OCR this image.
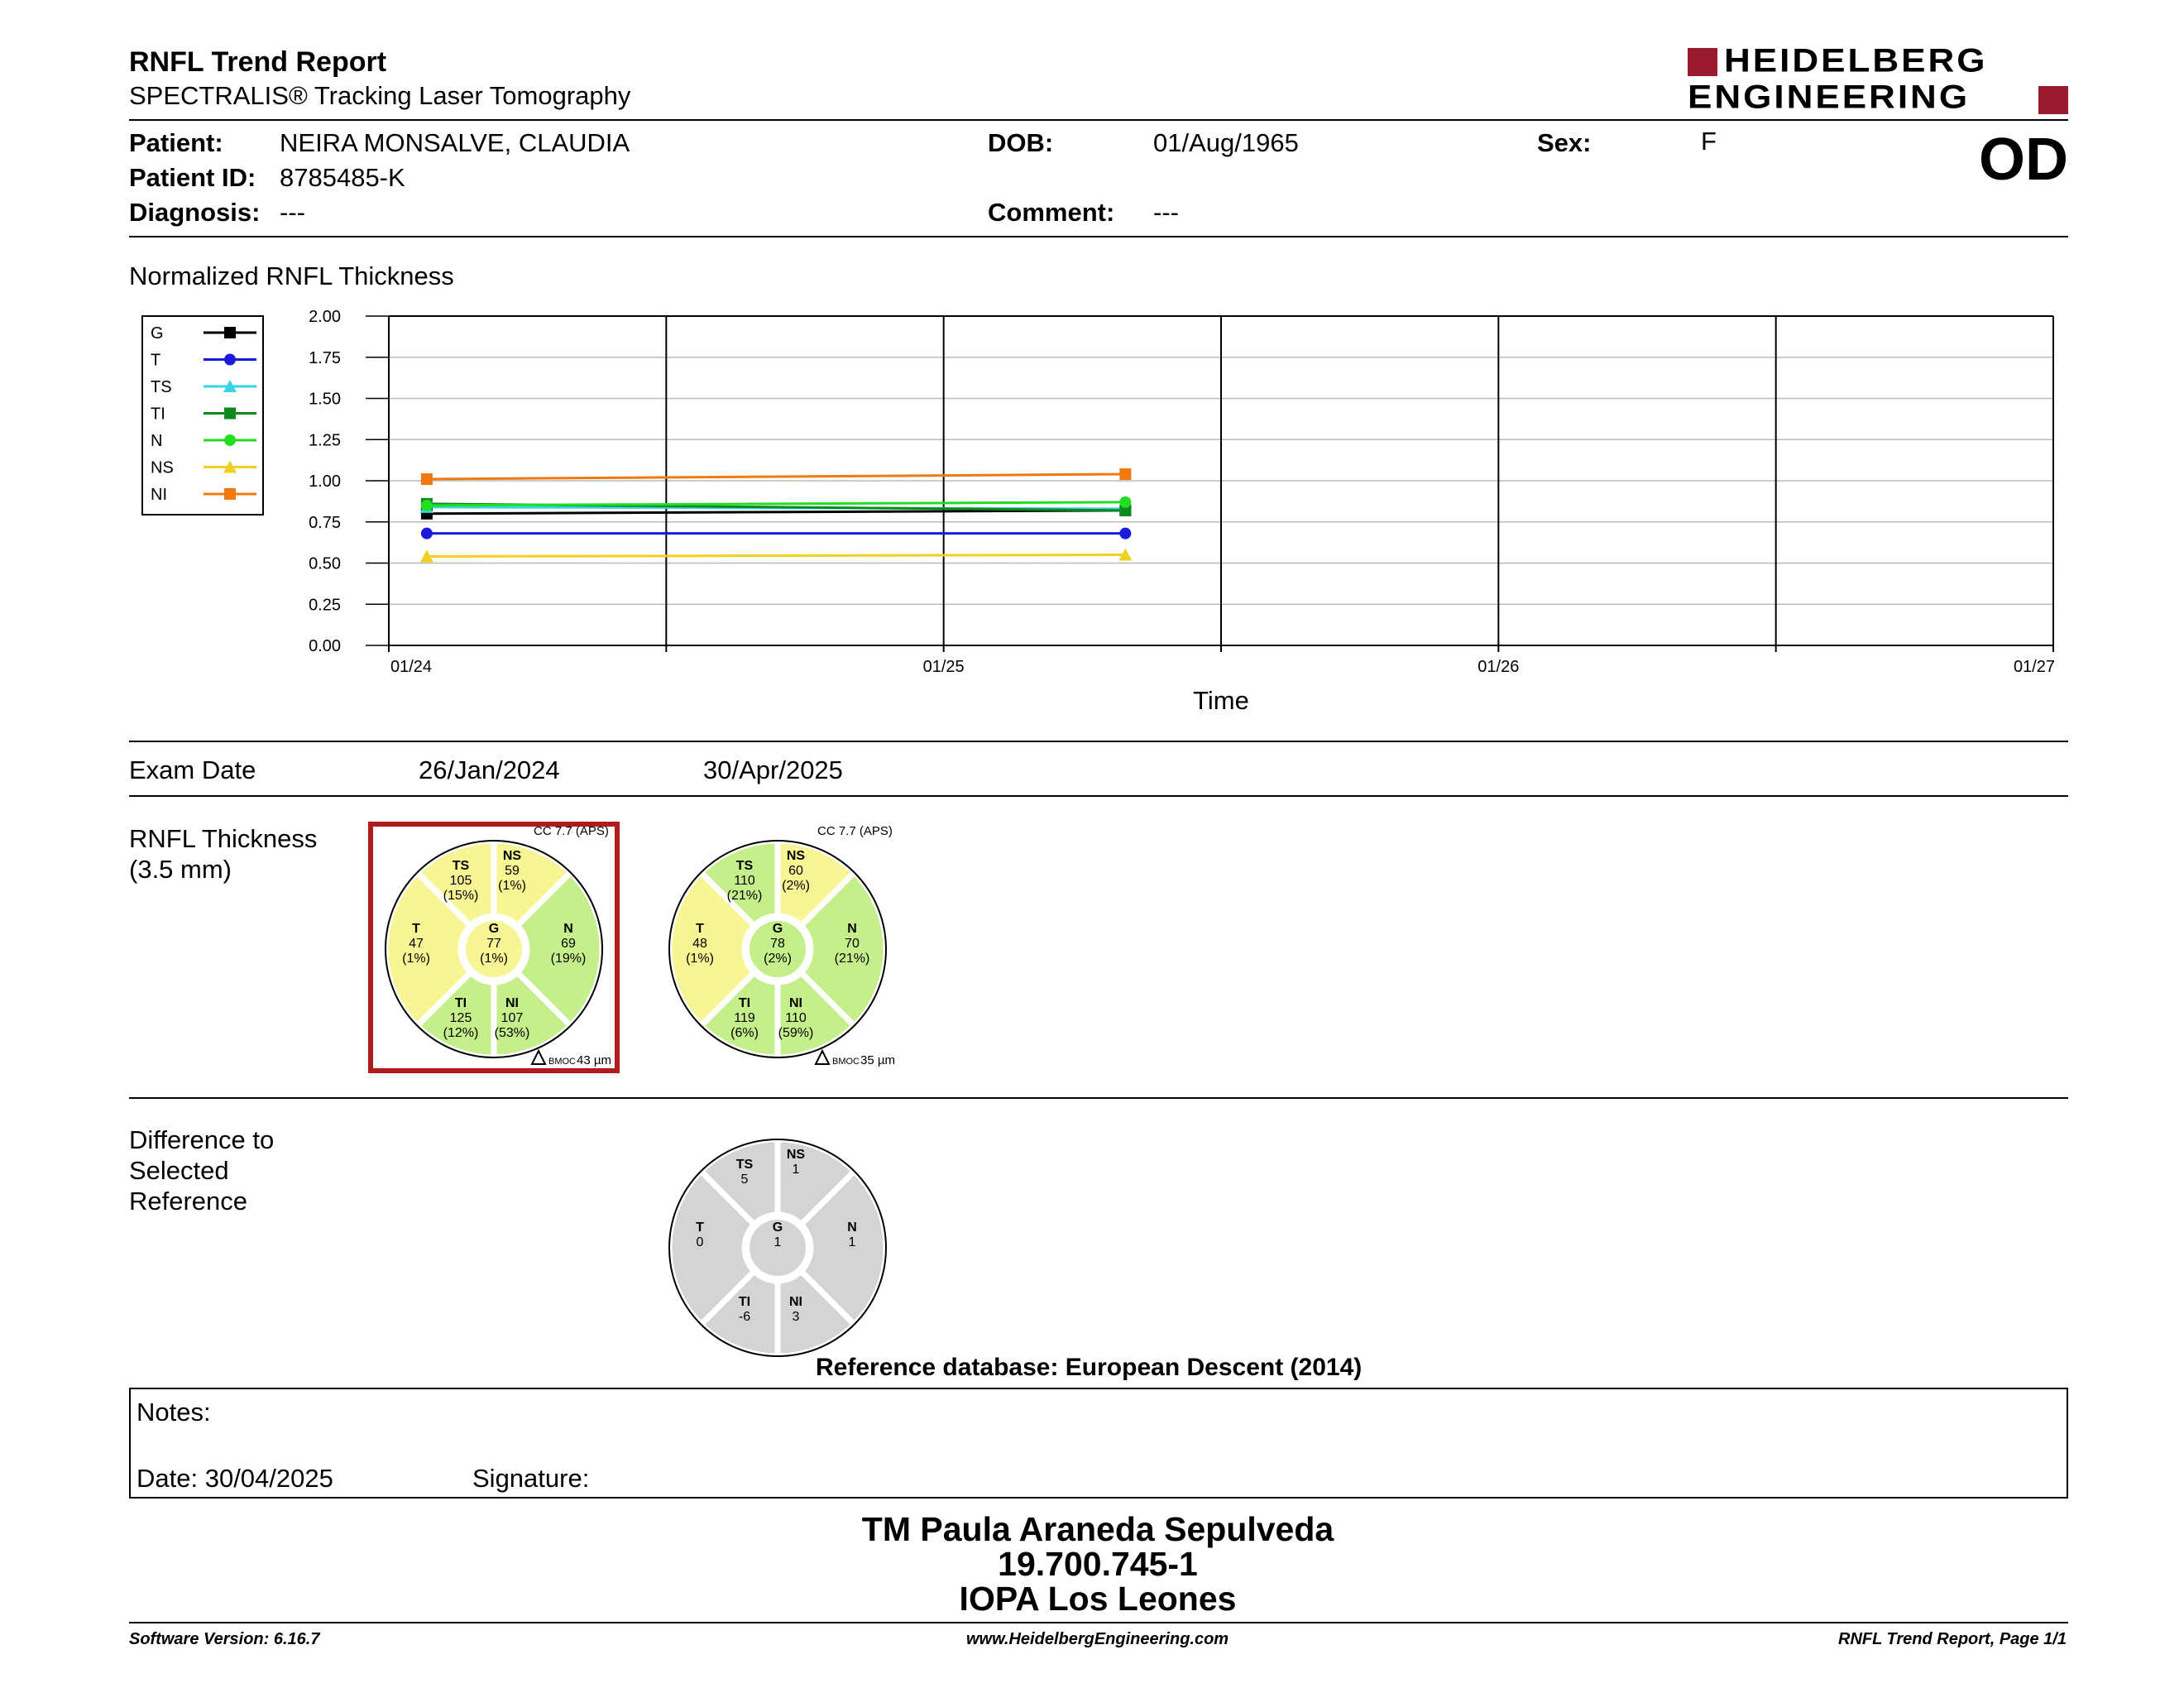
RNFL Trend Report
SPECTRALIS® Tracking Laser Tomography
HEIDELBERG
ENGINEERING
Patient: NEIRA MONSALVE, CLAUDIA
Patient ID: 8785485-K
Diagnosis: ---
DOB:	01/Aug/1965
Comment: ---
Sex:	F	OD
Normalized RNFL Thickness
0.00
0.25
0.50
0.75
1.00
1.25
1.50
1.75
2.00
01/24	01/25	01/26	01/27
Time
G
T
TS
TI
N
NS
NI
Exam Date	26/Jan/2024	30/Apr/2025
RNFL Thickness
(3.5 mm)	TS
105
(15%)
NS
59
(1%)
N
69
(19%)
NI
107
(53%)
TI
125
(12%)
T
47
(1%)
G
77
(1%)
TS
110
(21%)
NS
60
(2%)
N
70
(21%)
NI
110
(59%)
TI
119
(6%)
T
48
(1%)
G
78
(2%)
CC 7.7 (APS)	CC 7.7 (APS)
BMOC 43 µm	BMOC 35 µm
TS
5
NS
1
N
1
NI
3
TI
-6
T
0
G
1
Difference to
Selected
Reference
Reference database: European Descent (2014)
Notes:
Date: 30/04/2025	Signature:
TM Paula Araneda Sepulveda
19.700.745-1
IOPA Los Leones
Software Version: 6.16.7	www.HeidelbergEngineering.com	RNFL Trend Report, Page 1/1
